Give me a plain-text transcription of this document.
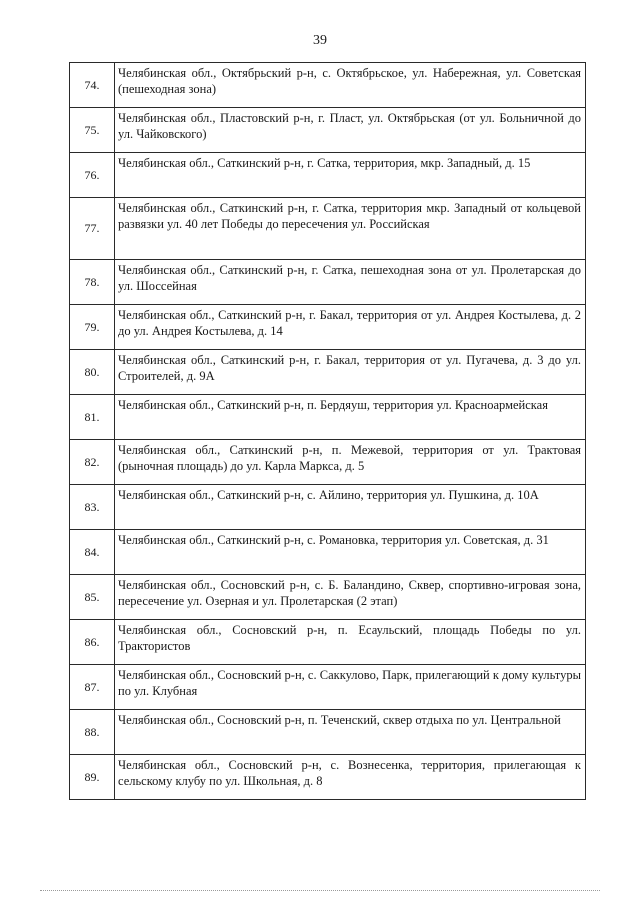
39
74.	Челябинская обл., Октябрьский р-н, с. Октябрьское, ул. Набережная, ул. Советская (пешеходная зона)
75.	Челябинская обл., Пластовский р-н, г. Пласт, ул. Октябрьская (от ул. Больничной до ул. Чайковского)
76.	Челябинская обл., Саткинский р-н, г. Сатка, территория, мкр. Западный, д. 15
77.	Челябинская обл., Саткинский р-н, г. Сатка, территория мкр. Западный от кольцевой развязки ул. 40 лет Победы до пересечения ул. Российская
78.	Челябинская обл., Саткинский р-н, г. Сатка, пешеходная зона от ул. Пролетарская до ул. Шоссейная
79.	Челябинская обл., Саткинский р-н, г. Бакал, территория от ул. Андрея Костылева, д. 2 до ул. Андрея Костылева, д. 14
80.	Челябинская обл., Саткинский р-н, г. Бакал, территория от ул. Пугачева, д. 3 до ул. Строителей, д. 9А
81.	Челябинская обл., Саткинский р-н, п. Бердяуш, территория ул. Красноармейская
82.	Челябинская обл., Саткинский р-н, п. Межевой, территория от ул. Трактовая (рыночная площадь) до ул. Карла Маркса, д. 5
83.	Челябинская обл., Саткинский р-н, с. Айлино, территория ул. Пушкина, д. 10А
84.	Челябинская обл., Саткинский р-н, с. Романовка, территория ул. Советская, д. 31
85.	Челябинская обл., Сосновский р-н, с. Б. Баландино, Сквер, спортивно-игровая зона, пересечение ул. Озерная и ул. Пролетарская (2 этап)
86.	Челябинская обл., Сосновский р-н, п. Есаульский, площадь Победы по ул. Трактористов
87.	Челябинская обл., Сосновский р-н, с. Саккулово, Парк, прилегающий к дому культуры по ул. Клубная
88.	Челябинская обл., Сосновский р-н, п. Теченский, сквер отдыха по ул. Центральной
89.	Челябинская обл., Сосновский р-н, с. Вознесенка, территория, прилегающая к сельскому клубу по ул. Школьная, д. 8
